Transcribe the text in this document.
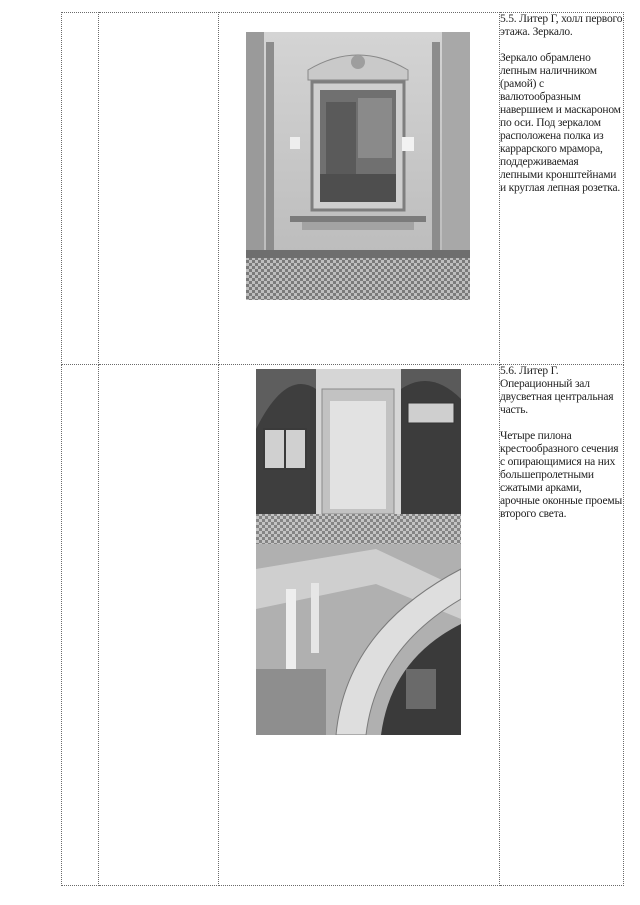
5.5. Литер Г, холл первого этажа. Зеркало.

Зеркало обрамлено лепным наличником (рамой) с валютообразным навершием и маскароном по оси. Под зеркалом расположена полка из каррарского мрамора, поддерживаемая лепными кронштейнами и круглая лепная розетка.

5.6. Литер Г. Операционный зал двусветная центральная часть.

Четыре пилона крестообразного сечения с опирающимися на них большепролетными сжатыми арками, арочные оконные проемы второго света.
